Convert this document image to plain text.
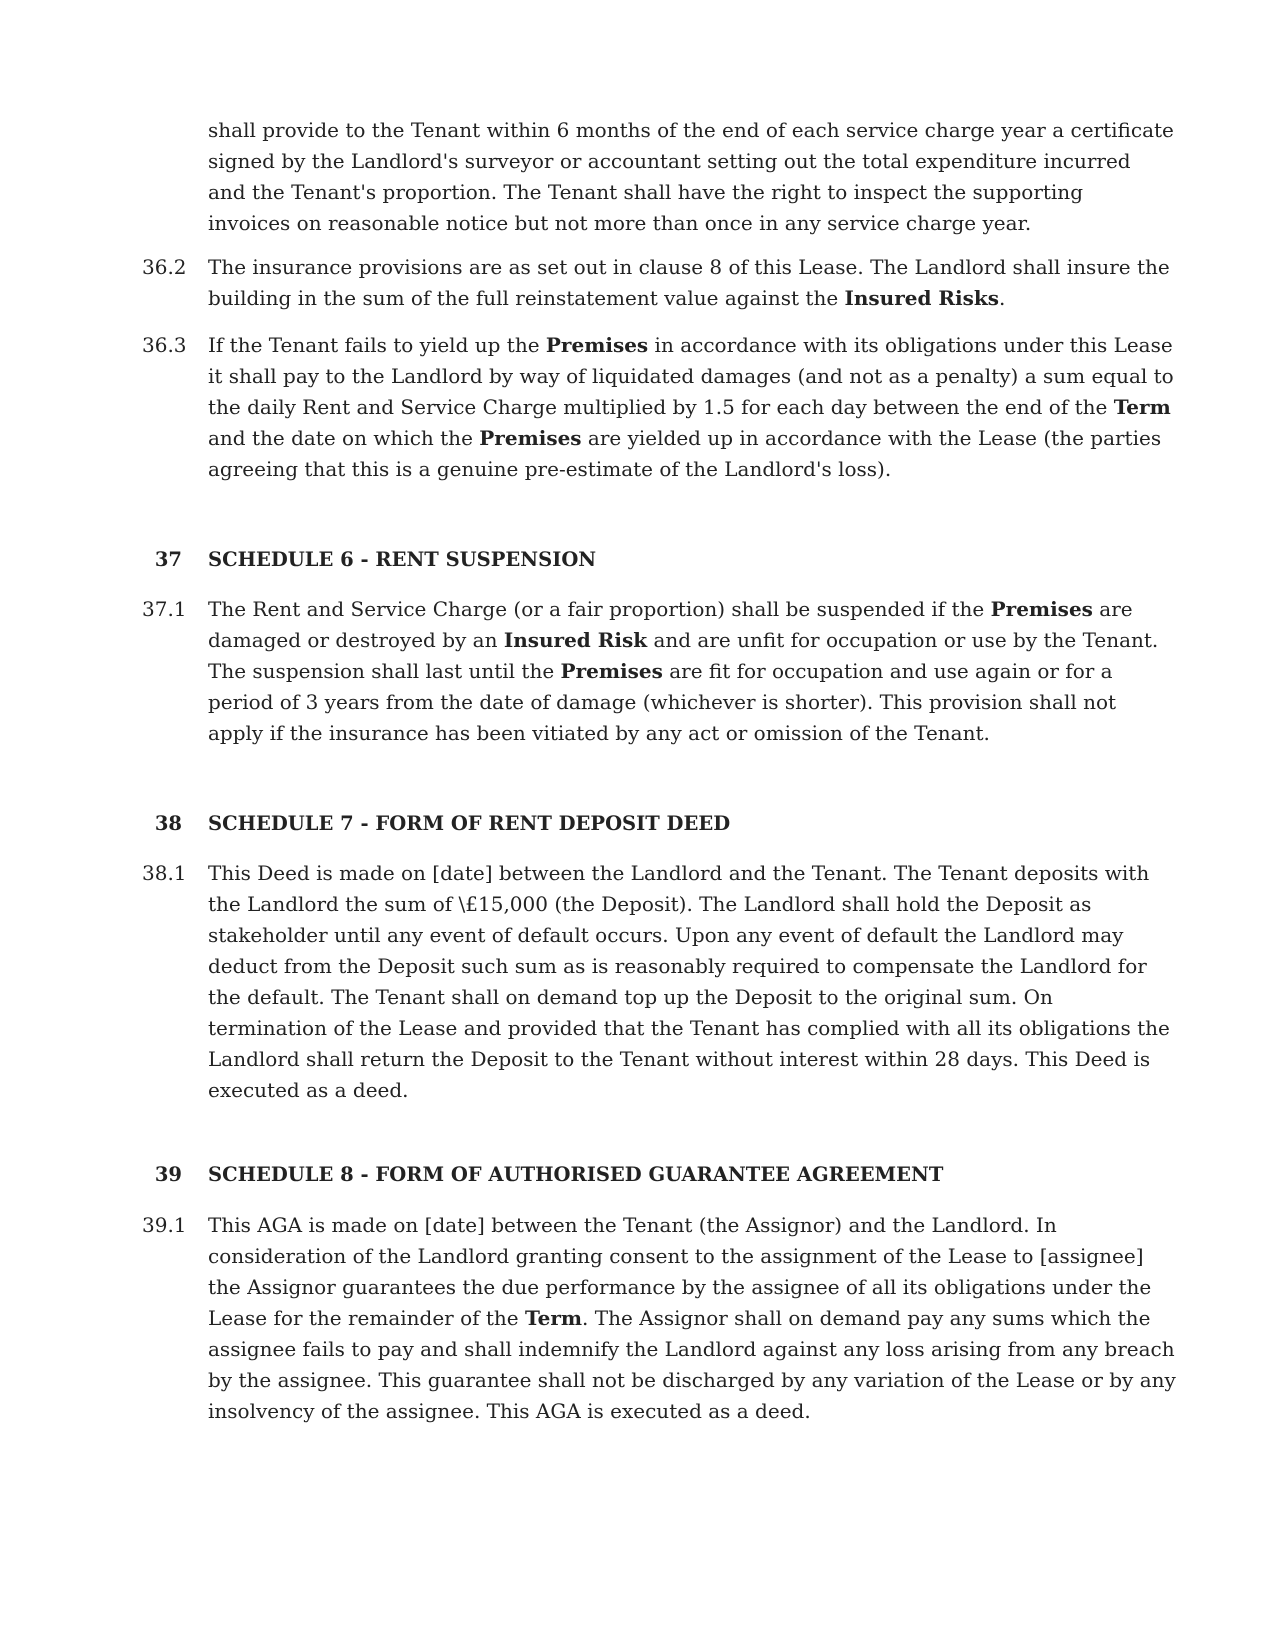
shall provide to the Tenant within 6 months of the end of each service charge year a certificate
signed by the Landlord's surveyor or accountant setting out the total expenditure incurred
and the Tenant's proportion. The Tenant shall have the right to inspect the supporting
invoices on reasonable notice but not more than once in any service charge year.
36.2 The insurance provisions are as set out in clause 8 of this Lease. The Landlord shall insure the
building in the sum of the full reinstatement value against the Insured Risks.
36.3 If the Tenant fails to yield up the Premises in accordance with its obligations under this Lease
it shall pay to the Landlord by way of liquidated damages (and not as a penalty) a sum equal to
the daily Rent and Service Charge multiplied by 1.5 for each day between the end of the Term
and the date on which the Premises are yielded up in accordance with the Lease (the parties
agreeing that this is a genuine pre-estimate of the Landlord's loss).
37 SCHEDULE 6 - RENT SUSPENSION
37.1 The Rent and Service Charge (or a fair proportion) shall be suspended if the Premises are
damaged or destroyed by an Insured Risk and are unfit for occupation or use by the Tenant.
The suspension shall last until the Premises are fit for occupation and use again or for a
period of 3 years from the date of damage (whichever is shorter). This provision shall not
apply if the insurance has been vitiated by any act or omission of the Tenant.
38 SCHEDULE 7 - FORM OF RENT DEPOSIT DEED
38.1 This Deed is made on [date] between the Landlord and the Tenant. The Tenant deposits with
the Landlord the sum of \£15,000 (the Deposit). The Landlord shall hold the Deposit as
stakeholder until any event of default occurs. Upon any event of default the Landlord may
deduct from the Deposit such sum as is reasonably required to compensate the Landlord for
the default. The Tenant shall on demand top up the Deposit to the original sum. On
termination of the Lease and provided that the Tenant has complied with all its obligations the
Landlord shall return the Deposit to the Tenant without interest within 28 days. This Deed is
executed as a deed.
39 SCHEDULE 8 - FORM OF AUTHORISED GUARANTEE AGREEMENT
39.1 This AGA is made on [date] between the Tenant (the Assignor) and the Landlord. In
consideration of the Landlord granting consent to the assignment of the Lease to [assignee]
the Assignor guarantees the due performance by the assignee of all its obligations under the
Lease for the remainder of the Term. The Assignor shall on demand pay any sums which the
assignee fails to pay and shall indemnify the Landlord against any loss arising from any breach
by the assignee. This guarantee shall not be discharged by any variation of the Lease or by any
insolvency of the assignee. This AGA is executed as a deed.
